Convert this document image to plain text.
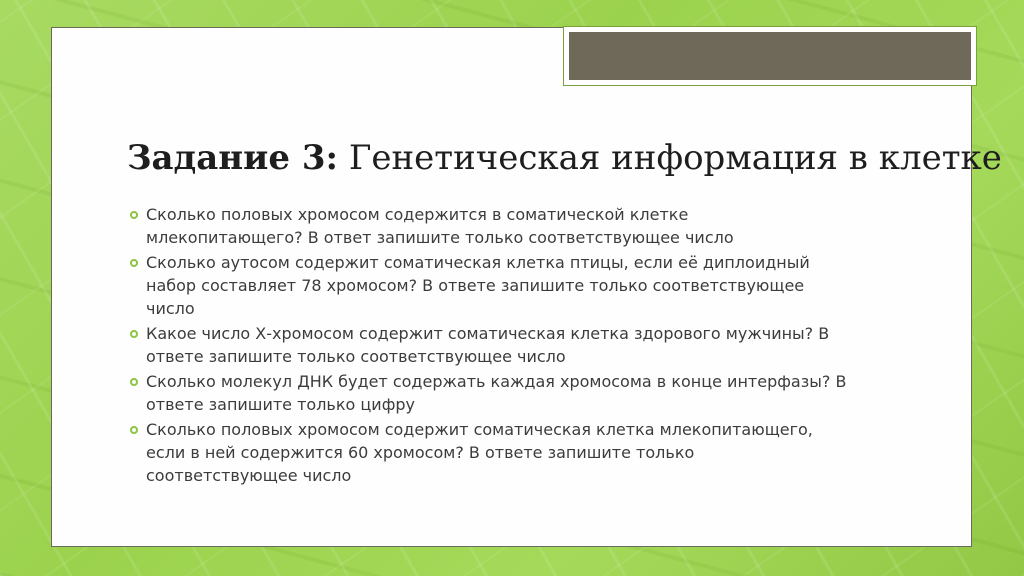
Задание 3: Генетическая информация в клетке
Сколько половых хромосом содержится в соматической клетке млекопитающего? В ответ запишите только соответствующее число
Сколько аутосом содержит соматическая клетка птицы, если её диплоидный набор составляет 78 хромосом? В ответе запишите только соответствующее число
Какое число Х-хромосом содержит соматическая клетка здорового мужчины? В ответе запишите только соответствующее число
Сколько молекул ДНК будет содержать каждая хромосома в конце интерфазы? В ответе запишите только цифру
Сколько половых хромосом содержит соматическая клетка млекопитающего, если в ней содержится 60 хромосом? В ответе запишите только соответствующее число
